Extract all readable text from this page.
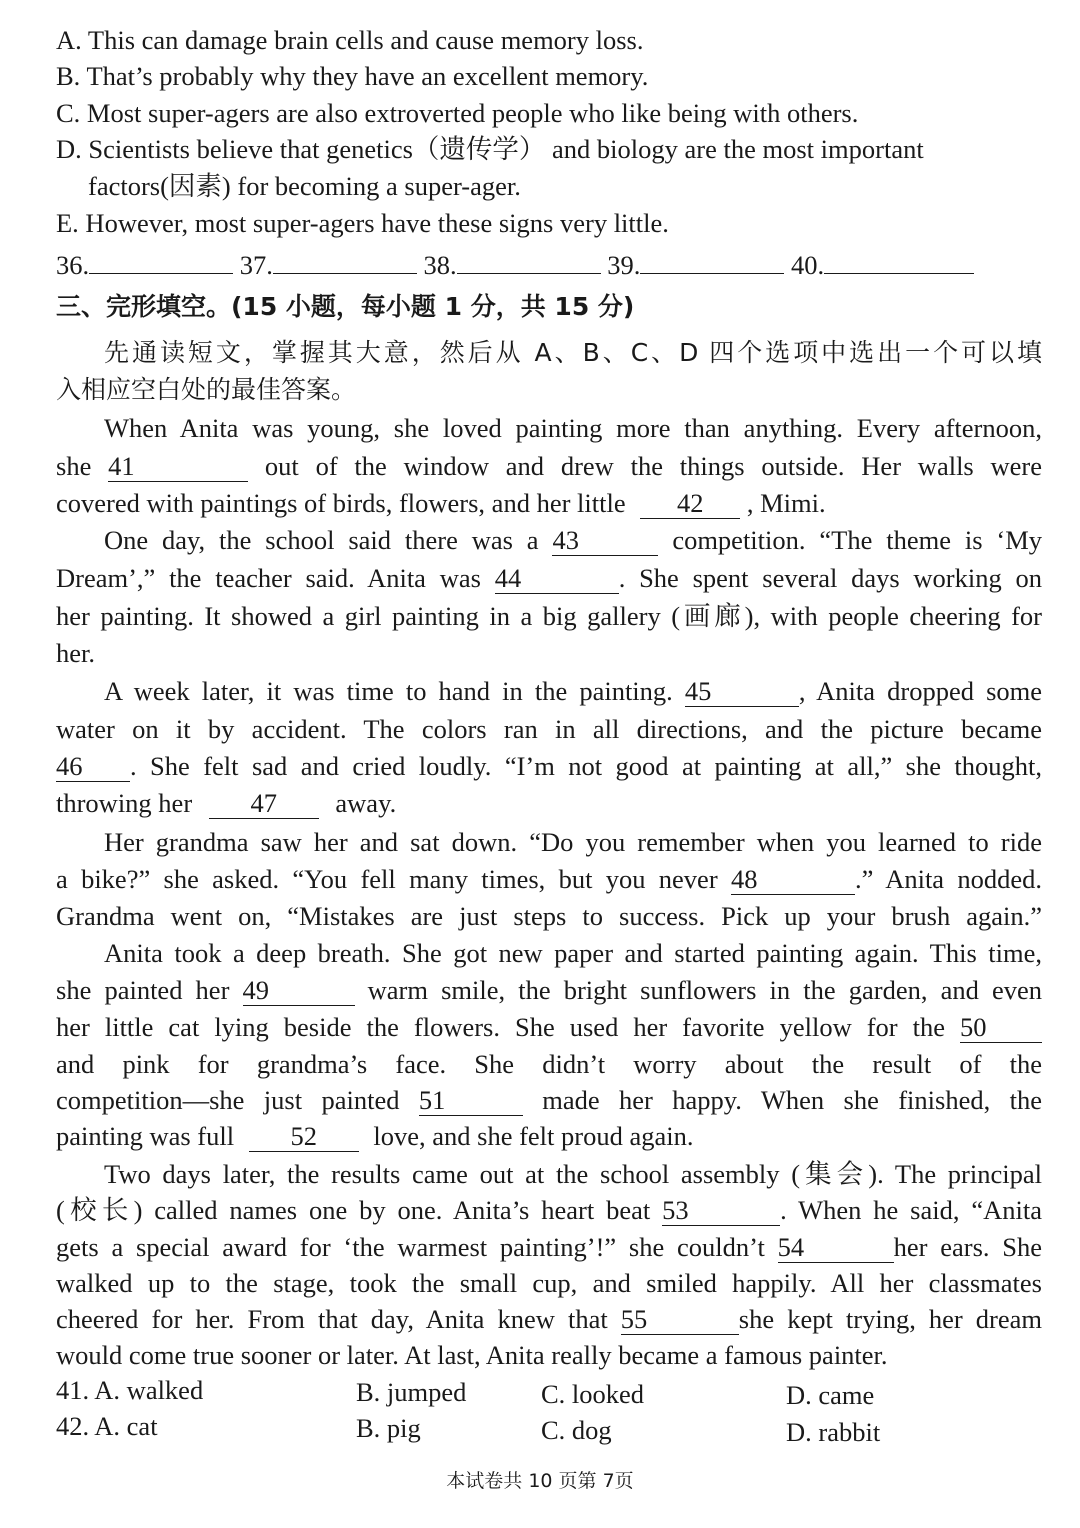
A. This can damage brain cells and cause memory loss.
B. That’s probably why they have an excellent memory.
C. Most super-agers are also extroverted people who like being with others.
D. Scientists believe that genetics（遗传学） and biology are the most important
factors(因素) for becoming a super-ager.
E. However, most super-agers have these signs very little.
36.	37.	38.	39.	40.
三、完形填空。(15 小题，每小题 1 分，共 15 分)
先通读短文，掌握其大意，然后从 A、B、C、D 四个选项中选出一个可以填
入相应空白处的最佳答案。
When Anita was young, she loved painting more than anything. Every afternoon,
she 41	out of the window and drew the things outside. Her walls were
covered with paintings of birds, flowers, and her little 42 , Mimi.
One day, the school said there was a 43	competition. “The theme is ‘My
Dream’,” the teacher said. Anita was 44	. She spent several days working on
her painting. It showed a girl painting in a big gallery (画廊), with people cheering for
her.
A week later, it was time to hand in the painting. 45	, Anita dropped some
water on it by accident. The colors ran in all directions, and the picture became
46 . She felt sad and cried loudly. “I’m not good at painting at all,” she thought,
throwing her 47 away.
Her grandma saw her and sat down. “Do you remember when you learned to ride
a bike?” she asked. “You fell many times, but you never 48	.” Anita nodded.
Grandma went on, “Mistakes are just steps to success. Pick up your brush again.”
Anita took a deep breath. She got new paper and started painting again. This time,
she painted her 49	warm smile, the bright sunflowers in the garden, and even
her little cat lying beside the flowers. She used her favorite yellow for the 50
and pink for grandma’s face. She didn’t worry about the result of the
competition—she just painted 51	made her happy. When she finished, the
painting was full 52 love, and she felt proud again.
Two days later, the results came out at the school assembly (集会). The principal
(校长) called names one by one. Anita’s heart beat 53	. When he said, “Anita
gets a special award for ‘the warmest painting’!” she couldn’t 54	her ears. She
walked up to the stage, took the small cup, and smiled happily. All her classmates
cheered for her. From that day, Anita knew that 55	she kept trying, her dream
would come true sooner or later. At last, Anita really became a famous painter.
41. A. walked	B. jumped	C. looked	D. came
42. A. cat	B. pig	C. dog	D. rabbit
本试卷共 10 页第 7页
